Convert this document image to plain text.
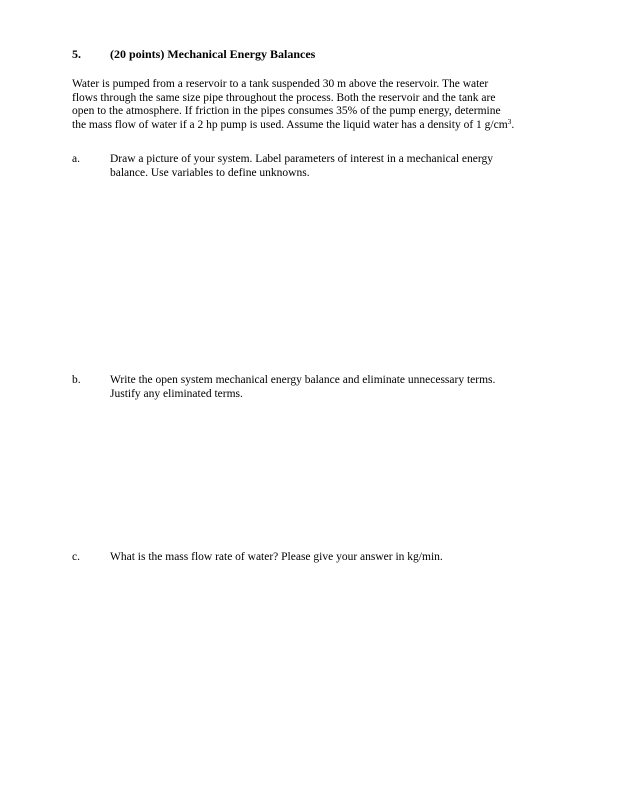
5. (20 points) Mechanical Energy Balances

Water is pumped from a reservoir to a tank suspended 30 m above the reservoir. The water

flows through the same size pipe throughout the process. Both the reservoir and the tank are

open to the atmosphere. If friction in the pipes consumes 35% of the pump energy, determine

the mass flow of water if a 2 hp pump is used. Assume the liquid water has a density of 1 $g/cm^3$.

a.	Draw a picture of your system. Label parameters of interest in a mechanical energy

balance. Use variables to define unknowns.

b.	Write the open system mechanical energy balance and eliminate unnecessary terms.

Justify any eliminated terms.

c.	What is the mass flow rate of water? Please give your answer in kg/min.
